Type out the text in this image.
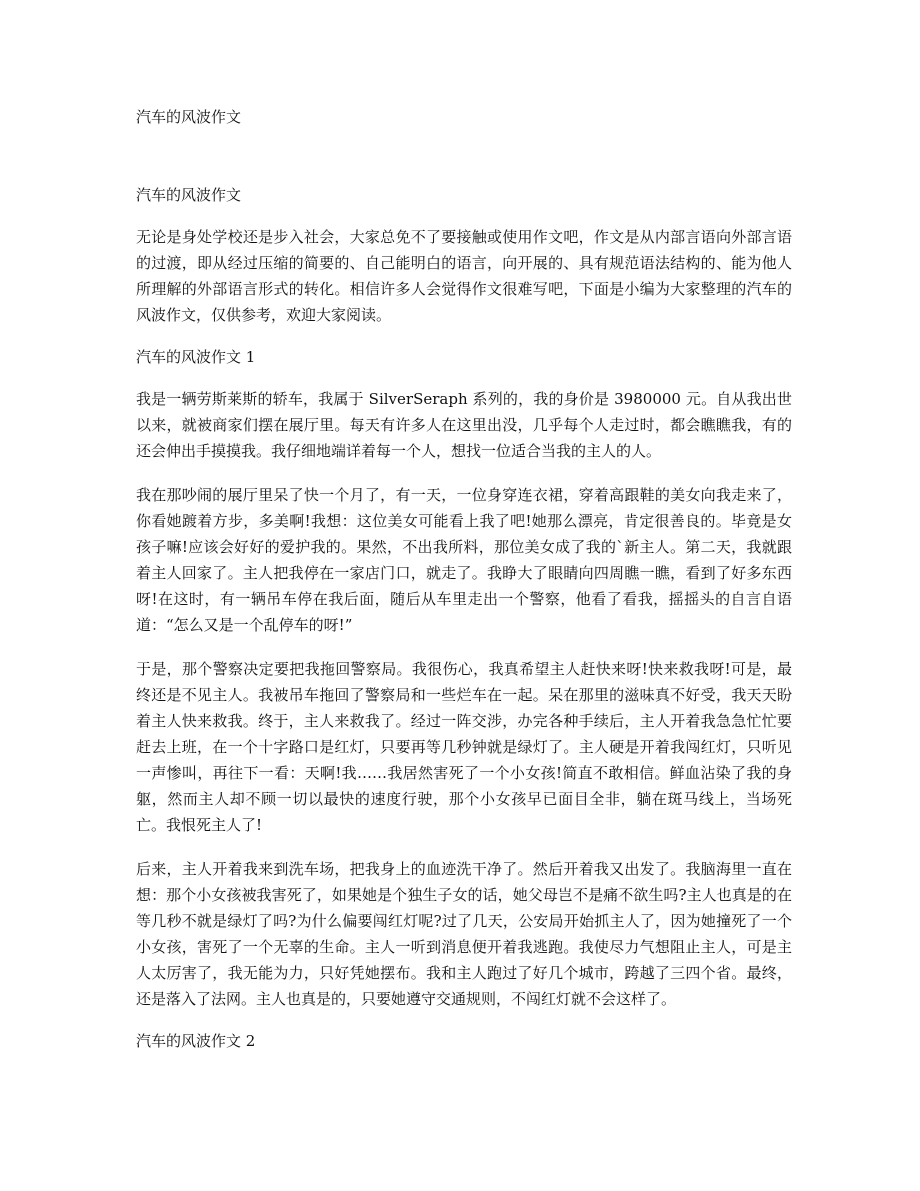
汽车的风波作文
汽车的风波作文

无论是身处学校还是步入社会，大家总免不了要接触或使用作文吧，作文是从内部言语向外部言语的过渡，即从经过压缩的简要的、自己能明白的语言，向开展的、具有规范语法结构的、能为他人所理解的外部语言形式的转化。相信许多人会觉得作文很难写吧，下面是小编为大家整理的汽车的风波作文，仅供参考，欢迎大家阅读。

汽车的风波作文 1

我是一辆劳斯莱斯的轿车，我属于 SilverSeraph 系列的，我的身价是 3980000 元。自从我出世以来，就被商家们摆在展厅里。每天有许多人在这里出没，几乎每个人走过时，都会瞧瞧我，有的还会伸出手摸摸我。我仔细地端详着每一个人，想找一位适合当我的主人的人。

我在那吵闹的展厅里呆了快一个月了，有一天，一位身穿连衣裙，穿着高跟鞋的美女向我走来了，你看她踱着方步，多美啊!我想：这位美女可能看上我了吧!她那么漂亮，肯定很善良的。毕竟是女孩子嘛!应该会好好的爱护我的。果然，不出我所料，那位美女成了我的`新主人。第二天，我就跟着主人回家了。主人把我停在一家店门口，就走了。我睁大了眼睛向四周瞧一瞧，看到了好多东西呀!在这时，有一辆吊车停在我后面，随后从车里走出一个警察，他看了看我，摇摇头的自言自语道：“怎么又是一个乱停车的呀!”

于是，那个警察决定要把我拖回警察局。我很伤心，我真希望主人赶快来呀!快来救我呀!可是，最终还是不见主人。我被吊车拖回了警察局和一些烂车在一起。呆在那里的滋味真不好受，我天天盼着主人快来救我。终于，主人来救我了。经过一阵交涉，办完各种手续后，主人开着我急急忙忙要赶去上班，在一个十字路口是红灯，只要再等几秒钟就是绿灯了。主人硬是开着我闯红灯，只听见一声惨叫，再往下一看：天啊!我……我居然害死了一个小女孩!简直不敢相信。鲜血沾染了我的身躯，然而主人却不顾一切以最快的速度行驶，那个小女孩早已面目全非，躺在斑马线上，当场死亡。我恨死主人了!

后来，主人开着我来到洗车场，把我身上的血迹洗干净了。然后开着我又出发了。我脑海里一直在想：那个小女孩被我害死了，如果她是个独生子女的话，她父母岂不是痛不欲生吗?主人也真是的在等几秒不就是绿灯了吗?为什么偏要闯红灯呢?过了几天，公安局开始抓主人了，因为她撞死了一个小女孩，害死了一个无辜的生命。主人一听到消息便开着我逃跑。我使尽力气想阻止主人，可是主人太厉害了，我无能为力，只好凭她摆布。我和主人跑过了好几个城市，跨越了三四个省。最终，还是落入了法网。主人也真是的，只要她遵守交通规则，不闯红灯就不会这样了。

汽车的风波作文 2
